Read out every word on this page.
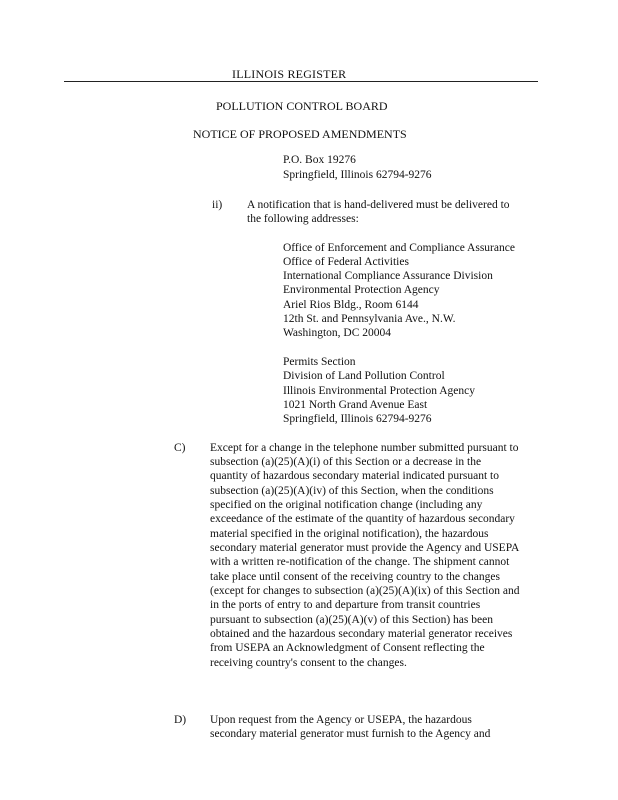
ILLINOIS REGISTER
POLLUTION CONTROL BOARD
NOTICE OF PROPOSED AMENDMENTS
P.O. Box 19276
Springfield, Illinois 62794-9276
ii) A notification that is hand-delivered must be delivered to
the following addresses:
Office of Enforcement and Compliance Assurance
Office of Federal Activities
International Compliance Assurance Division
Environmental Protection Agency
Ariel Rios Bldg., Room 6144
12th St. and Pennsylvania Ave., N.W.
Washington, DC 20004
Permits Section
Division of Land Pollution Control
Illinois Environmental Protection Agency
1021 North Grand Avenue East
Springfield, Illinois 62794-9276
C) Except for a change in the telephone number submitted pursuant to
subsection (a)(25)(A)(i) of this Section or a decrease in the
quantity of hazardous secondary material indicated pursuant to
subsection (a)(25)(A)(iv) of this Section, when the conditions
specified on the original notification change (including any
exceedance of the estimate of the quantity of hazardous secondary
material specified in the original notification), the hazardous
secondary material generator must provide the Agency and USEPA
with a written re-notification of the change. The shipment cannot
take place until consent of the receiving country to the changes
(except for changes to subsection (a)(25)(A)(ix) of this Section and
in the ports of entry to and departure from transit countries
pursuant to subsection (a)(25)(A)(v) of this Section) has been
obtained and the hazardous secondary material generator receives
from USEPA an Acknowledgment of Consent reflecting the
receiving country's consent to the changes.
D) Upon request from the Agency or USEPA, the hazardous
secondary material generator must furnish to the Agency and
